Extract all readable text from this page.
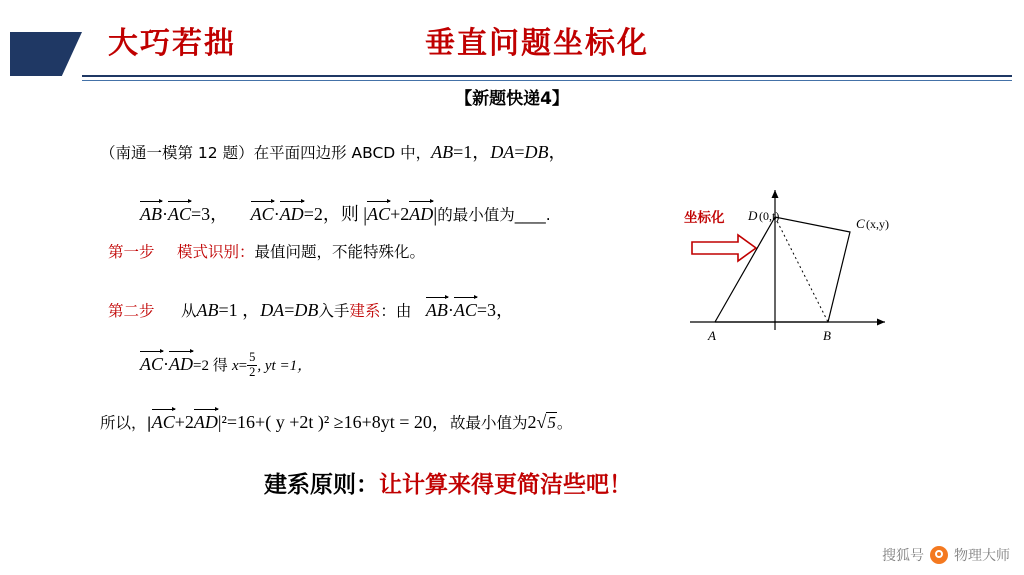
大巧若拙	垂直问题坐标化
【新题快递4】
（南通一模第 12 题）在平面四边形 ABCD 中，AB=1，DA=DB，
AB·AC=3， AC·AD=2，则 |AC+2AD|的最小值为____.
第一步 模式识别：最值问题，不能特殊化。
第二步 从AB=1 ，DA=DB入手建系：由 AB·AC=3，
AC·AD=2 得 $x= \frac{5}{2}$ , yt =1，
所以，|AC+2AD|²=16+( y +2t )² ≥16+8yt = 20，故最小值为2√5。
建系原则：让计算来得更简洁些吧！
坐标化 D (0,t)	C (x,y)
A	B
搜狐号 物理大师
